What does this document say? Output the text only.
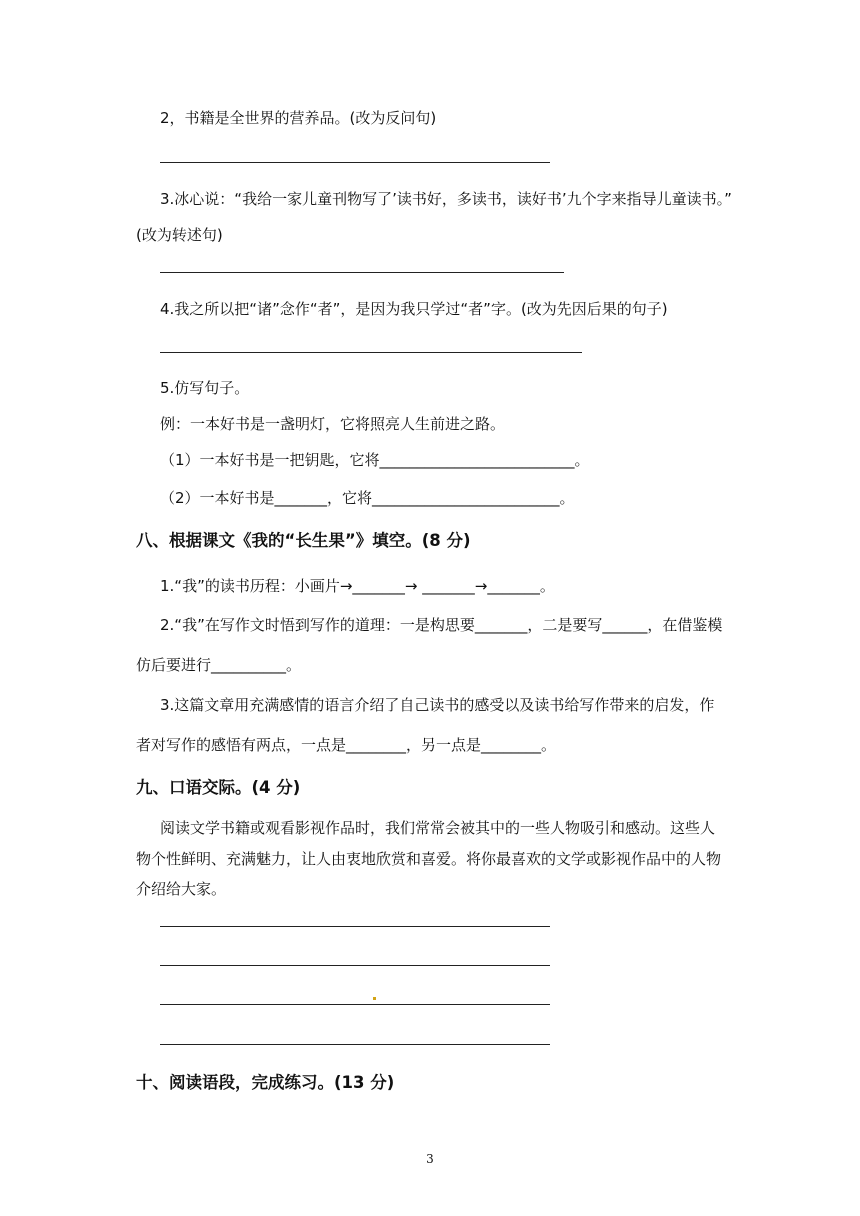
2，书籍是全世界的营养品。(改为反问句)
3.冰心说：“我给一家儿童刊物写了’读书好，多读书，读好书’九个字来指导儿童读书。”
(改为转述句)
4.我之所以把“诸”念作“者”，是因为我只学过“者”字。(改为先因后果的句子)
5.仿写句子。
例：一本好书是一盏明灯，它将照亮人生前进之路。
（1）一本好书是一把钥匙，它将__________________________。
（2）一本好书是_______，它将_________________________。
八、根据课文《我的“长生果”》填空。(8 分)
1.“我”的读书历程：小画片→_______→ _______→_______。
2.“我”在写作文时悟到写作的道理：一是构思要_______，二是要写______，在借鉴模
仿后要进行__________。
3.这篇文章用充满感情的语言介绍了自己读书的感受以及读书给写作带来的启发，作
者对写作的感悟有两点，一点是________，另一点是________。
九、口语交际。(4 分)
阅读文学书籍或观看影视作品时，我们常常会被其中的一些人物吸引和感动。这些人
物个性鲜明、充满魅力，让人由衷地欣赏和喜爱。将你最喜欢的文学或影视作品中的人物
介绍给大家。
十、阅读语段，完成练习。(13 分)
3
